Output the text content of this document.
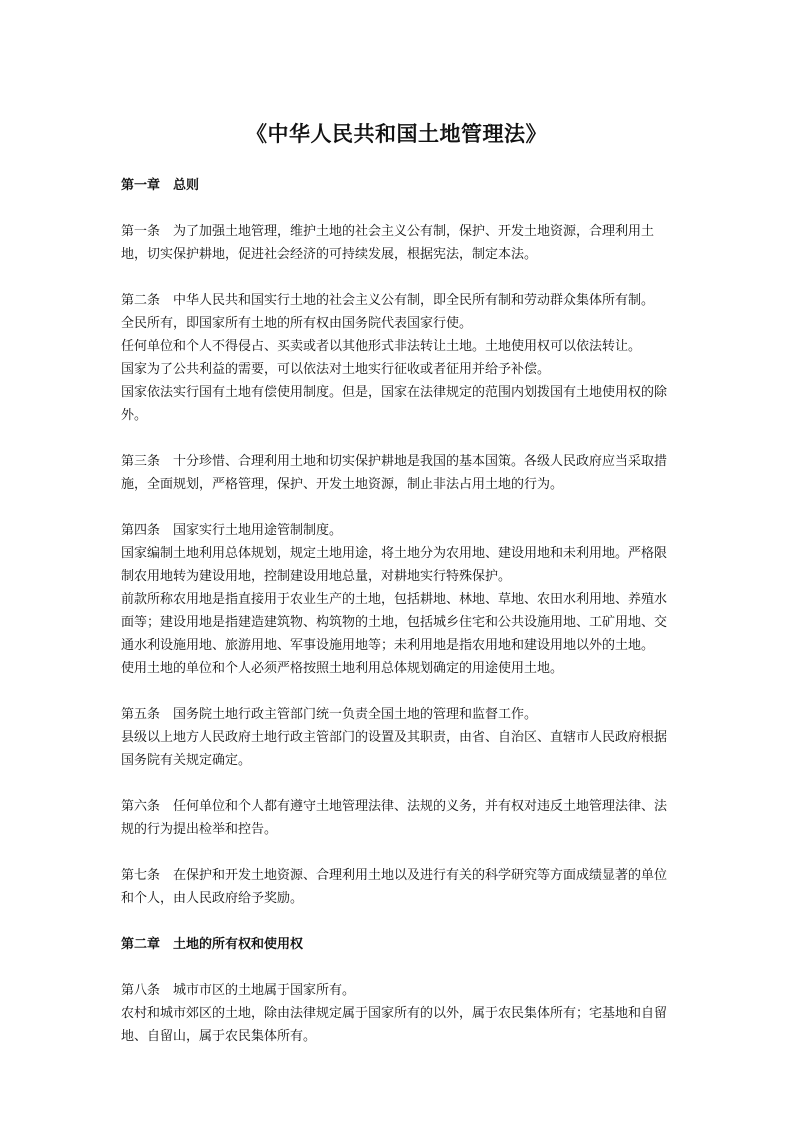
《中华人民共和国土地管理法》
第一章 总则

第一条 为了加强土地管理，维护土地的社会主义公有制，保护、开发土地资源，合理利用土地，切实保护耕地，促进社会经济的可持续发展，根据宪法，制定本法。

第二条 中华人民共和国实行土地的社会主义公有制，即全民所有制和劳动群众集体所有制。

全民所有，即国家所有土地的所有权由国务院代表国家行使。

任何单位和个人不得侵占、买卖或者以其他形式非法转让土地。土地使用权可以依法转让。

国家为了公共利益的需要，可以依法对土地实行征收或者征用并给予补偿。

国家依法实行国有土地有偿使用制度。但是，国家在法律规定的范围内划拨国有土地使用权的除外。

第三条 十分珍惜、合理利用土地和切实保护耕地是我国的基本国策。各级人民政府应当采取措施，全面规划，严格管理，保护、开发土地资源，制止非法占用土地的行为。

第四条 国家实行土地用途管制制度。

国家编制土地利用总体规划，规定土地用途，将土地分为农用地、建设用地和未利用地。严格限制农用地转为建设用地，控制建设用地总量，对耕地实行特殊保护。

前款所称农用地是指直接用于农业生产的土地，包括耕地、林地、草地、农田水利用地、养殖水面等；建设用地是指建造建筑物、构筑物的土地，包括城乡住宅和公共设施用地、工矿用地、交通水利设施用地、旅游用地、军事设施用地等；未利用地是指农用地和建设用地以外的土地。

使用土地的单位和个人必须严格按照土地利用总体规划确定的用途使用土地。

第五条 国务院土地行政主管部门统一负责全国土地的管理和监督工作。

县级以上地方人民政府土地行政主管部门的设置及其职责，由省、自治区、直辖市人民政府根据国务院有关规定确定。

第六条 任何单位和个人都有遵守土地管理法律、法规的义务，并有权对违反土地管理法律、法规的行为提出检举和控告。

第七条 在保护和开发土地资源、合理利用土地以及进行有关的科学研究等方面成绩显著的单位和个人，由人民政府给予奖励。

第二章 土地的所有权和使用权

第八条 城市市区的土地属于国家所有。

农村和城市郊区的土地，除由法律规定属于国家所有的以外，属于农民集体所有；宅基地和自留地、自留山，属于农民集体所有。
